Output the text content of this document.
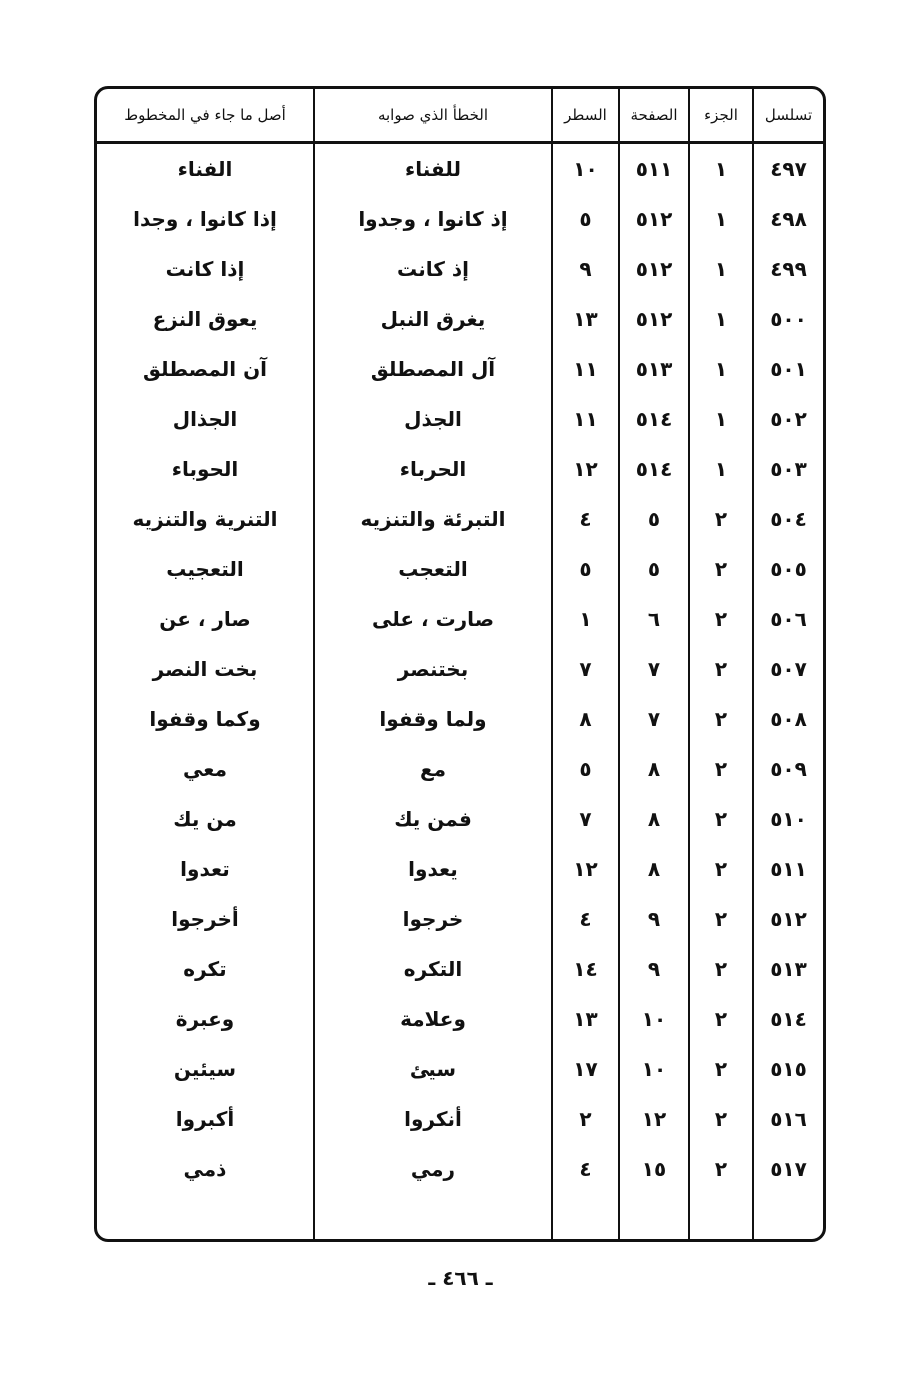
تسلسل	الجزء	الصفحة	السطر	الخطأ الذي صوابه	أصل ما جاء في المخطوط
٤٩٧	١	٥١١	١٠	للفناء	الفناء
٤٩٨	١	٥١٢	٥	إذ كانوا ، وجدوا	إذا كانوا ، وجدا
٤٩٩	١	٥١٢	٩	إذ كانت	إذا كانت
٥٠٠	١	٥١٢	١٣	يغرق النبل	يعوق النزع
٥٠١	١	٥١٣	١١	آل المصطلق	آن المصطلق
٥٠٢	١	٥١٤	١١	الجذل	الجذال
٥٠٣	١	٥١٤	١٢	الحرباء	الحوباء
٥٠٤	٢	٥	٤	التبرئة والتنزيه	التنرية والتنزيه
٥٠٥	٢	٥	٥	التعجب	التعجيب
٥٠٦	٢	٦	١	صارت ، على	صار ، عن
٥٠٧	٢	٧	٧	بختنصر	بخت النصر
٥٠٨	٢	٧	٨	ولما وقفوا	وكما وقفوا
٥٠٩	٢	٨	٥	مع	معي
٥١٠	٢	٨	٧	فمن يك	من يك
٥١١	٢	٨	١٢	يعدوا	تعدوا
٥١٢	٢	٩	٤	خرجوا	أخرجوا
٥١٣	٢	٩	١٤	التكره	تكره
٥١٤	٢	١٠	١٣	وعلامة	وعبرة
٥١٥	٢	١٠	١٧	سيئ	سيئين
٥١٦	٢	١٢	٢	أنكروا	أكبروا
٥١٧	٢	١٥	٤	رمي	ذمي

ـ ٤٦٦ ـ
